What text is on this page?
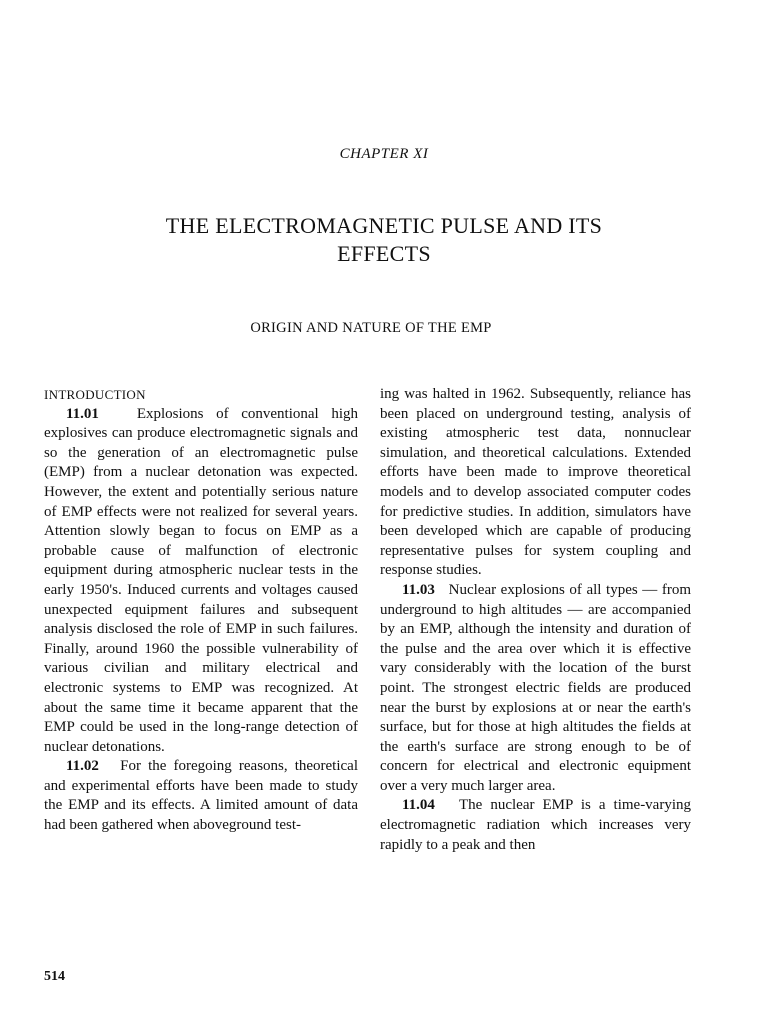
CHAPTER XI
THE ELECTROMAGNETIC PULSE AND ITS
EFFECTS
ORIGIN AND NATURE OF THE EMP

INTRODUCTION

11.01	Explosions of conventional high explosives can produce electromagnetic signals and so the generation of an electromagnetic pulse (EMP) from a nuclear detonation was expected. However, the extent and potentially serious nature of EMP effects were not realized for several years. Attention slowly began to focus on EMP as a probable cause of malfunction of electronic equipment during atmospheric nuclear tests in the early 1950's. Induced currents and voltages caused unexpected equipment failures and subsequent analysis disclosed the role of EMP in such failures. Finally, around 1960 the possible vulnerability of various civilian and military electrical and electronic systems to EMP was recognized. At about the same time it became apparent that the EMP could be used in the long-range detection of nuclear detonations.

11.02 For the foregoing reasons, theoretical and experimental efforts have been made to study the EMP and its effects. A limited amount of data had been gathered when aboveground test-

ing was halted in 1962. Subsequently, reliance has been placed on underground testing, analysis of existing atmospheric test data, nonnuclear simulation, and theoretical calculations. Extended efforts have been made to improve theoretical models and to develop associated computer codes for predictive studies. In addition, simulators have been developed which are capable of producing representative pulses for system coupling and response studies.

11.03 Nuclear explosions of all types — from underground to high altitudes — are accompanied by an EMP, although the intensity and duration of the pulse and the area over which it is effective vary considerably with the location of the burst point. The strongest electric fields are produced near the burst by explosions at or near the earth's surface, but for those at high altitudes the fields at the earth's surface are strong enough to be of concern for electrical and electronic equipment over a very much larger area.

11.04 The nuclear EMP is a time-varying electromagnetic radiation which increases very rapidly to a peak and then

514
